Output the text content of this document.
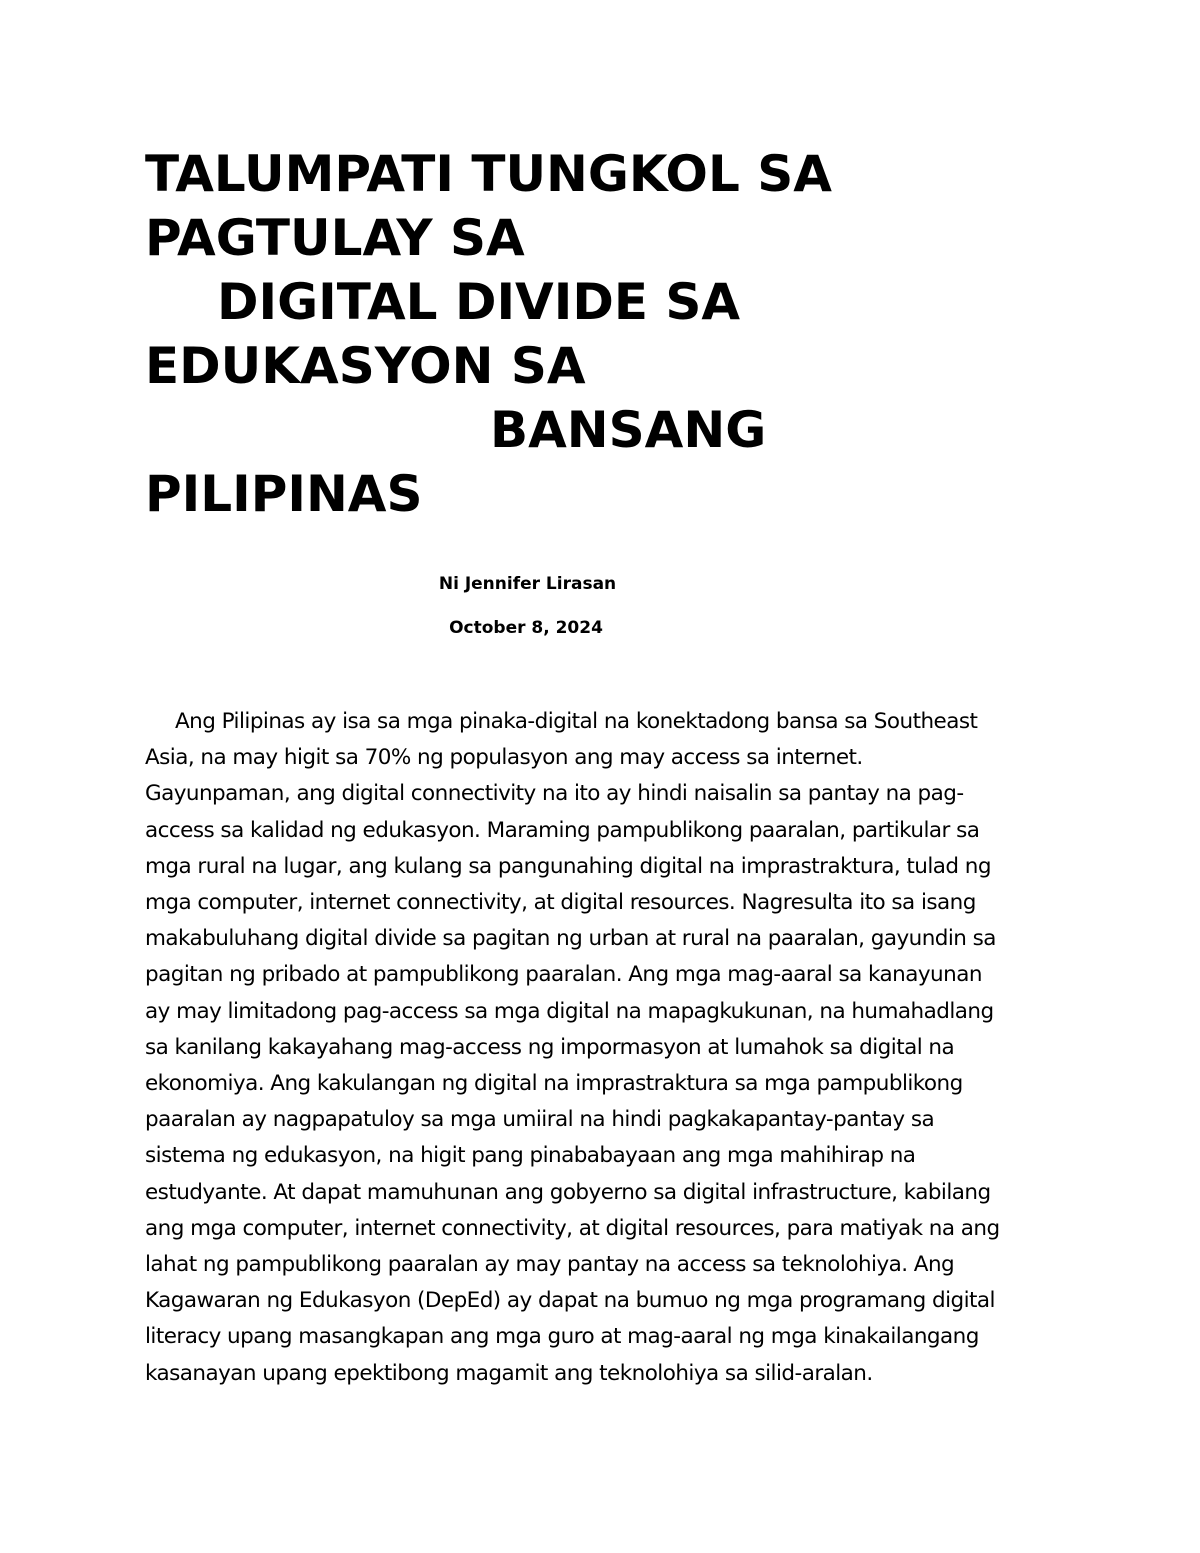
TALUMPATI TUNGKOL SA
PAGTULAY SA
DIGITAL DIVIDE SA
EDUKASYON SA
BANSANG
PILIPINAS
Ni Jennifer Lirasan
October 8, 2024
Ang Pilipinas ay isa sa mga pinaka-digital na konektadong bansa sa Southeast
Asia, na may higit sa 70% ng populasyon ang may access sa internet.
Gayunpaman, ang digital connectivity na ito ay hindi naisalin sa pantay na pag-
access sa kalidad ng edukasyon. Maraming pampublikong paaralan, partikular sa
mga rural na lugar, ang kulang sa pangunahing digital na imprastraktura, tulad ng
mga computer, internet connectivity, at digital resources. Nagresulta ito sa isang
makabuluhang digital divide sa pagitan ng urban at rural na paaralan, gayundin sa
pagitan ng pribado at pampublikong paaralan. Ang mga mag-aaral sa kanayunan
ay may limitadong pag-access sa mga digital na mapagkukunan, na humahadlang
sa kanilang kakayahang mag-access ng impormasyon at lumahok sa digital na
ekonomiya. Ang kakulangan ng digital na imprastraktura sa mga pampublikong
paaralan ay nagpapatuloy sa mga umiiral na hindi pagkakapantay-pantay sa
sistema ng edukasyon, na higit pang pinababayaan ang mga mahihirap na
estudyante. At dapat mamuhunan ang gobyerno sa digital infrastructure, kabilang
ang mga computer, internet connectivity, at digital resources, para matiyak na ang
lahat ng pampublikong paaralan ay may pantay na access sa teknolohiya. Ang
Kagawaran ng Edukasyon (DepEd) ay dapat na bumuo ng mga programang digital
literacy upang masangkapan ang mga guro at mag-aaral ng mga kinakailangang
kasanayan upang epektibong magamit ang teknolohiya sa silid-aralan.
